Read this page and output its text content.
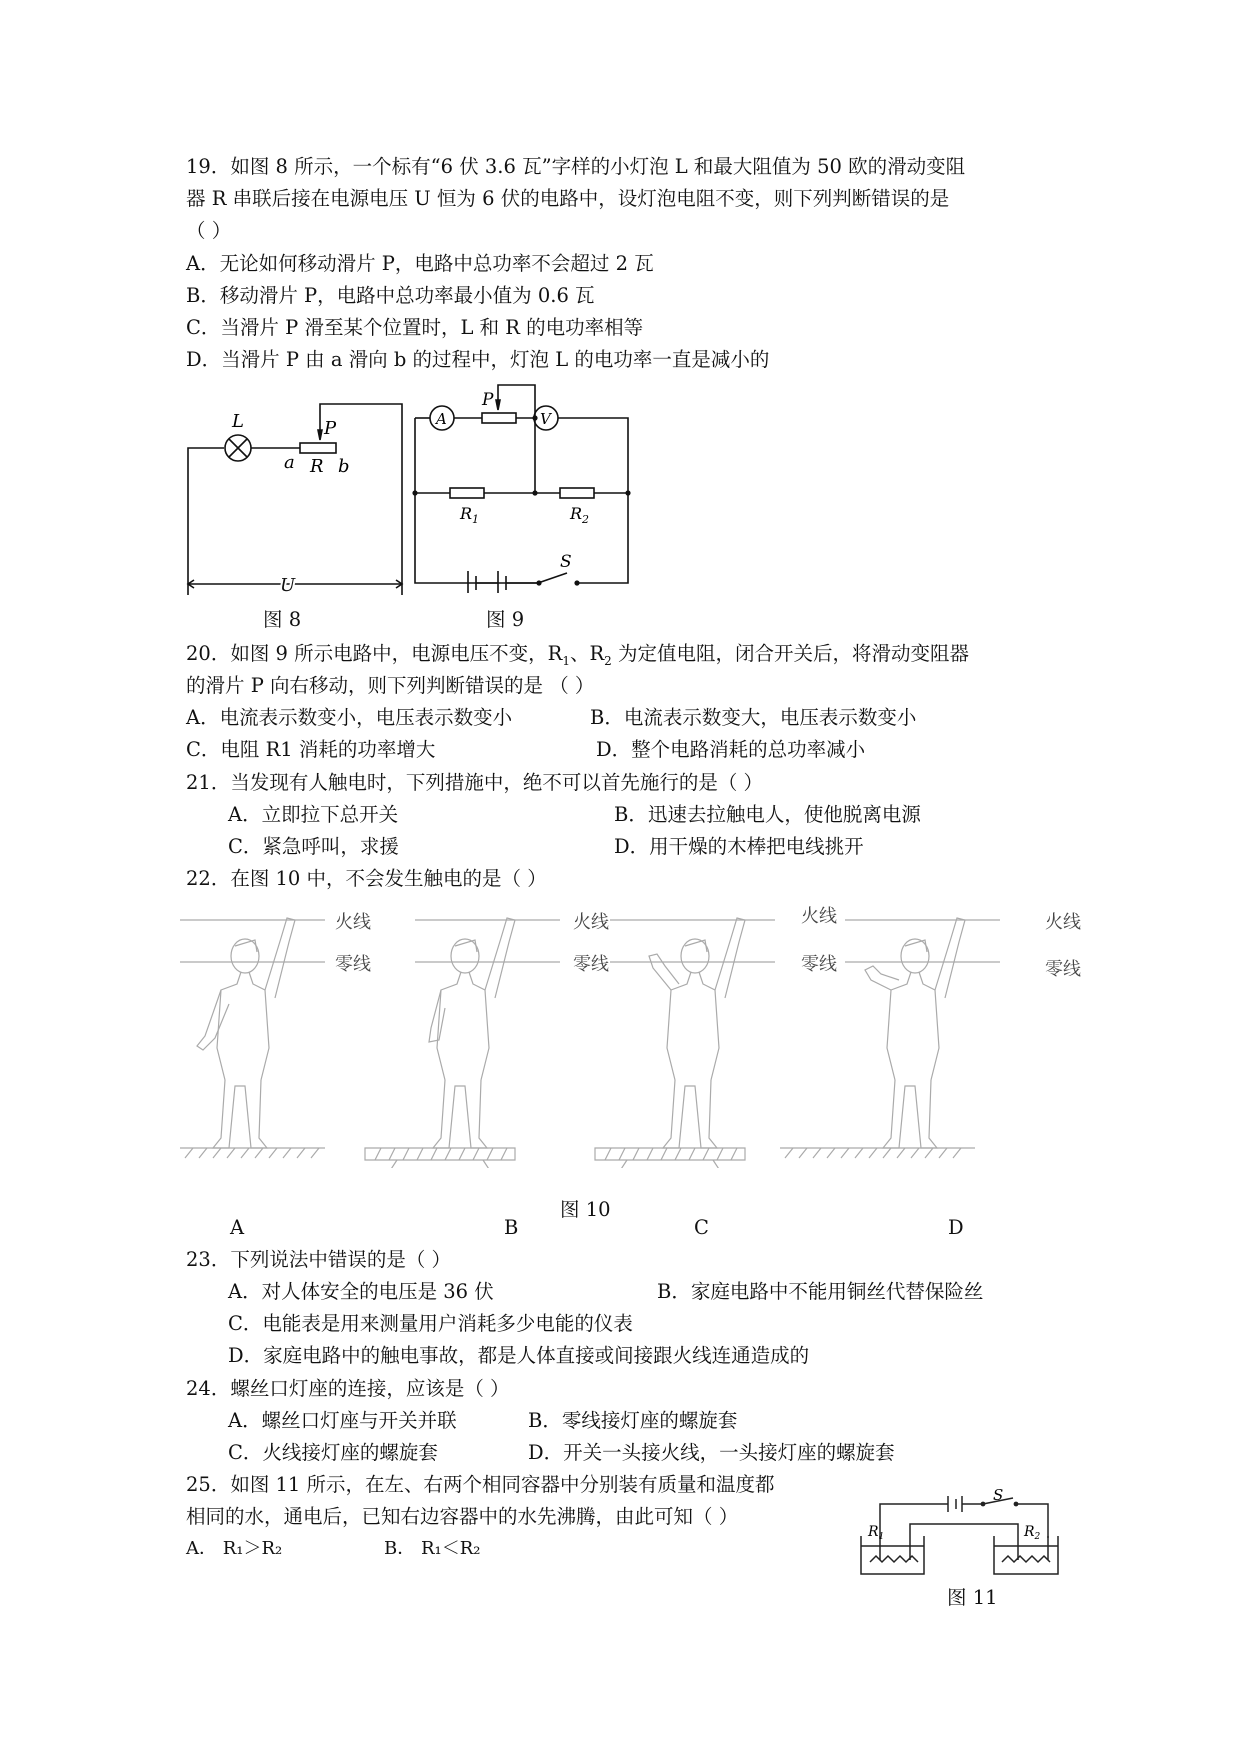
19．如图 8 所示，一个标有“6 伏 3.6 瓦”字样的小灯泡 L 和最大阻值为 50 欧的滑动变阻
器 R 串联后接在电源电压 U 恒为 6 伏的电路中，设灯泡电阻不变，则下列判断错误的是
（ ）
A．无论如何移动滑片 P，电路中总功率不会超过 2 瓦
B．移动滑片 P，电路中总功率最小值为 0.6 瓦
C．当滑片 P 滑至某个位置时，L 和 R 的电功率相等
D．当滑片 P 由 a 滑向 b 的过程中，灯泡 L 的电功率一直是减小的
L	P
a R b
U
图 8
A	V
P
$R_1$	$R_2$
S
图 9
20．如图 9 所示电路中，电源电压不变，$R_1$、$R_2$ 为定值电阻，闭合开关后，将滑动变阻器
的滑片 P 向右移动，则下列判断错误的是 （ ）
A．电流表示数变小，电压表示数变小	B．电流表示数变大，电压表示数变小
C．电阻 R1 消耗的功率增大	D．整个电路消耗的总功率减小
21．当发现有人触电时，下列措施中，绝不可以首先施行的是（ ）
A．立即拉下总开关	B．迅速去拉触电人，使他脱离电源
C．紧急呼叫，求援	D．用干燥的木棒把电线挑开
22．在图 10 中，不会发生触电的是（ ）
火线
零线
火线
零线
火线
零线
火线
零线
图 10
A	B	C	D
23．下列说法中错误的是（ ）
A．对人体安全的电压是 36 伏	B．家庭电路中不能用铜丝代替保险丝
C．电能表是用来测量用户消耗多少电能的仪表
D．家庭电路中的触电事故，都是人体直接或间接跟火线连通造成的
24．螺丝口灯座的连接，应该是（ ）
A．螺丝口灯座与开关并联	B．零线接灯座的螺旋套
C．火线接灯座的螺旋套	D．开关一头接火线，一头接灯座的螺旋套
25．如图 11 所示，在左、右两个相同容器中分别装有质量和温度都
相同的水，通电后，已知右边容器中的水先沸腾，由此可知（ ）
A． R₁＞R₂	B． R₁＜R₂
S
$R_1$	$R_2$
图 11
